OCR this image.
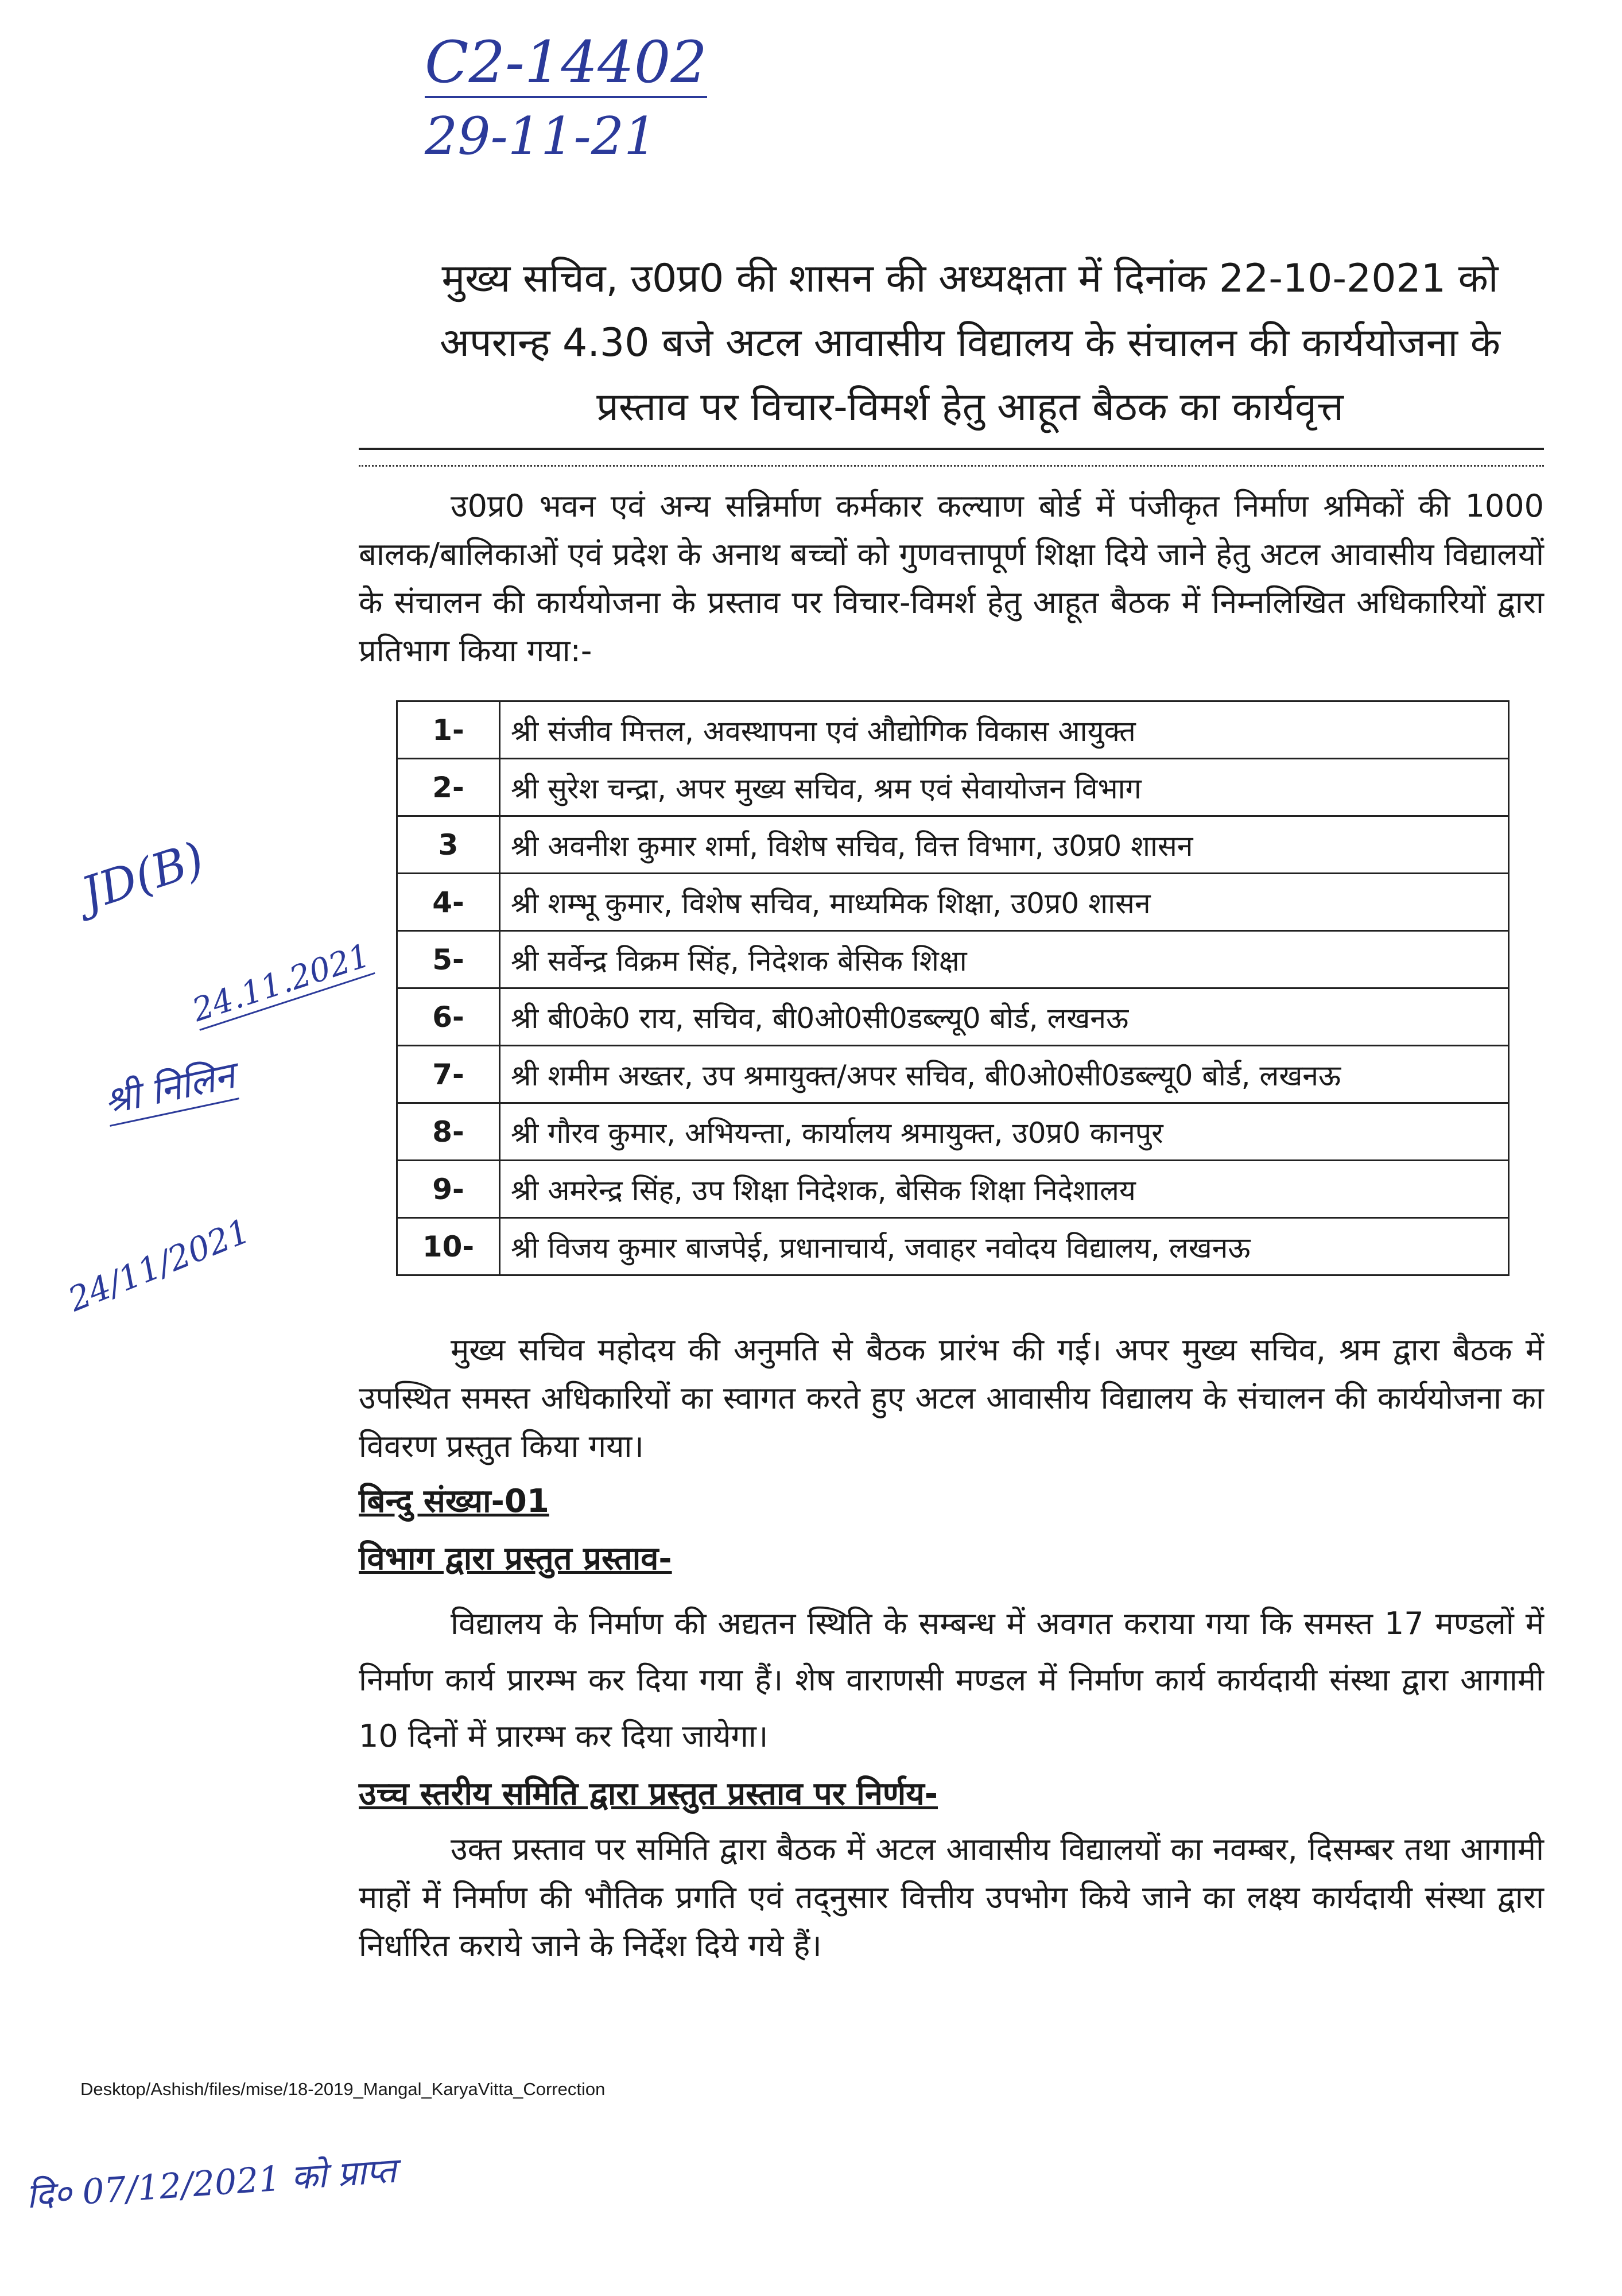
C2-14402
29-11-21
मुख्य सचिव, उ0प्र0 की शासन की अध्यक्षता में दिनांक 22-10-2021 को
अपरान्ह 4.30 बजे अटल आवासीय विद्यालय के संचालन की कार्ययोजना के
प्रस्ताव पर विचार-विमर्श हेतु आहूत बैठक का कार्यवृत्त
उ0प्र0 भवन एवं अन्य सन्निर्माण कर्मकार कल्याण बोर्ड में पंजीकृत निर्माण श्रमिकों की 1000 बालक/बालिकाओं एवं प्रदेश के अनाथ बच्चों को गुणवत्तापूर्ण शिक्षा दिये जाने हेतु अटल आवासीय विद्यालयों के संचालन की कार्ययोजना के प्रस्ताव पर विचार-विमर्श हेतु आहूत बैठक में निम्नलिखित अधिकारियों द्वारा प्रतिभाग किया गया:-
1-	श्री संजीव मित्तल, अवस्थापना एवं औद्योगिक विकास आयुक्त
2-	श्री सुरेश चन्द्रा, अपर मुख्य सचिव, श्रम एवं सेवायोजन विभाग
3	श्री अवनीश कुमार शर्मा, विशेष सचिव, वित्त विभाग, उ0प्र0 शासन
4-	श्री शम्भू कुमार, विशेष सचिव, माध्यमिक शिक्षा, उ0प्र0 शासन
5-	श्री सर्वेन्द्र विक्रम सिंह, निदेशक बेसिक शिक्षा
6-	श्री बी0के0 राय, सचिव, बी0ओ0सी0डब्ल्यू0 बोर्ड, लखनऊ
7-	श्री शमीम अख्तर, उप श्रमायुक्त/अपर सचिव, बी0ओ0सी0डब्ल्यू0 बोर्ड, लखनऊ
8-	श्री गौरव कुमार, अभियन्ता, कार्यालय श्रमायुक्त, उ0प्र0 कानपुर
9-	श्री अमरेन्द्र सिंह, उप शिक्षा निदेशक, बेसिक शिक्षा निदेशालय
10-	श्री विजय कुमार बाजपेई, प्रधानाचार्य, जवाहर नवोदय विद्यालय, लखनऊ
JD(B)
24.11.2021
श्री निलिन
24/11/2021
मुख्य सचिव महोदय की अनुमति से बैठक प्रारंभ की गई। अपर मुख्य सचिव, श्रम द्वारा बैठक में उपस्थित समस्त अधिकारियों का स्वागत करते हुए अटल आवासीय विद्यालय के संचालन की कार्ययोजना का विवरण प्रस्तुत किया गया।
बिन्दु संख्या-01
विभाग द्वारा प्रस्तुत प्रस्ताव-
विद्यालय के निर्माण की अद्यतन स्थिति के सम्बन्ध में अवगत कराया गया कि समस्त 17 मण्डलों में निर्माण कार्य प्रारम्भ कर दिया गया हैं। शेष वाराणसी मण्डल में निर्माण कार्य कार्यदायी संस्था द्वारा आगामी 10 दिनों में प्रारम्भ कर दिया जायेगा।
उच्च स्तरीय समिति द्वारा प्रस्तुत प्रस्ताव पर निर्णय-
उक्त प्रस्ताव पर समिति द्वारा बैठक में अटल आवासीय विद्यालयों का नवम्बर, दिसम्बर तथा आगामी माहों में निर्माण की भौतिक प्रगति एवं तद्नुसार वित्तीय उपभोग किये जाने का लक्ष्य कार्यदायी संस्था द्वारा निर्धारित कराये जाने के निर्देश दिये गये हैं।
Desktop/Ashish/files/mise/18-2019_Mangal_KaryaVitta_Correction
दि० 07/12/2021 को प्राप्त
